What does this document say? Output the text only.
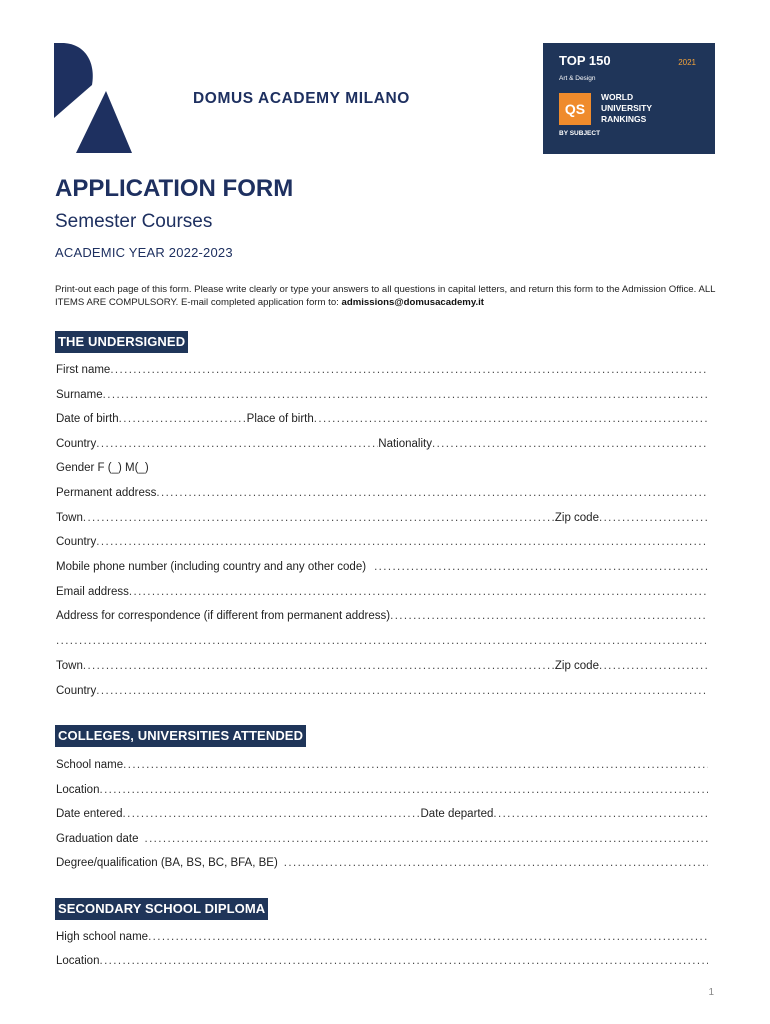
DOMUS ACADEMY MILANO
TOP 150	2021
Art & Design
QS
WORLD
UNIVERSITY
RANKINGS
BY SUBJECT
APPLICATION FORM
Semester Courses
ACADEMIC YEAR 2022-2023
Print-out each page of this form. Please write clearly or type your answers to all questions in capital letters, and return this form to the Admission Office. ALL ITEMS ARE COMPULSORY. E-mail completed application form to: admissions@domusacademy.it
THE UNDERSIGNED
First name
.....
Surname
.....
Date of birth .....	Place of birth
.....
Country .....	Nationality
.....
Gender F (_) M(_)
Permanent address
.....
Town .....	Zip code
.....
Country
.....
Mobile phone number (including country and any other code)
.....
Email address
.....
Address for correspondence (if different from permanent address)
.....
.....
Town .....	Zip code
.....
Country
.....
COLLEGES, UNIVERSITIES ATTENDED
School name
.....
Location
.....
Date entered .....	Date departed
.....
Graduation date
.....
Degree/qualification (BA, BS, BC, BFA, BE)
.....
SECONDARY SCHOOL DIPLOMA
High school name
.....
Location
.....
1
